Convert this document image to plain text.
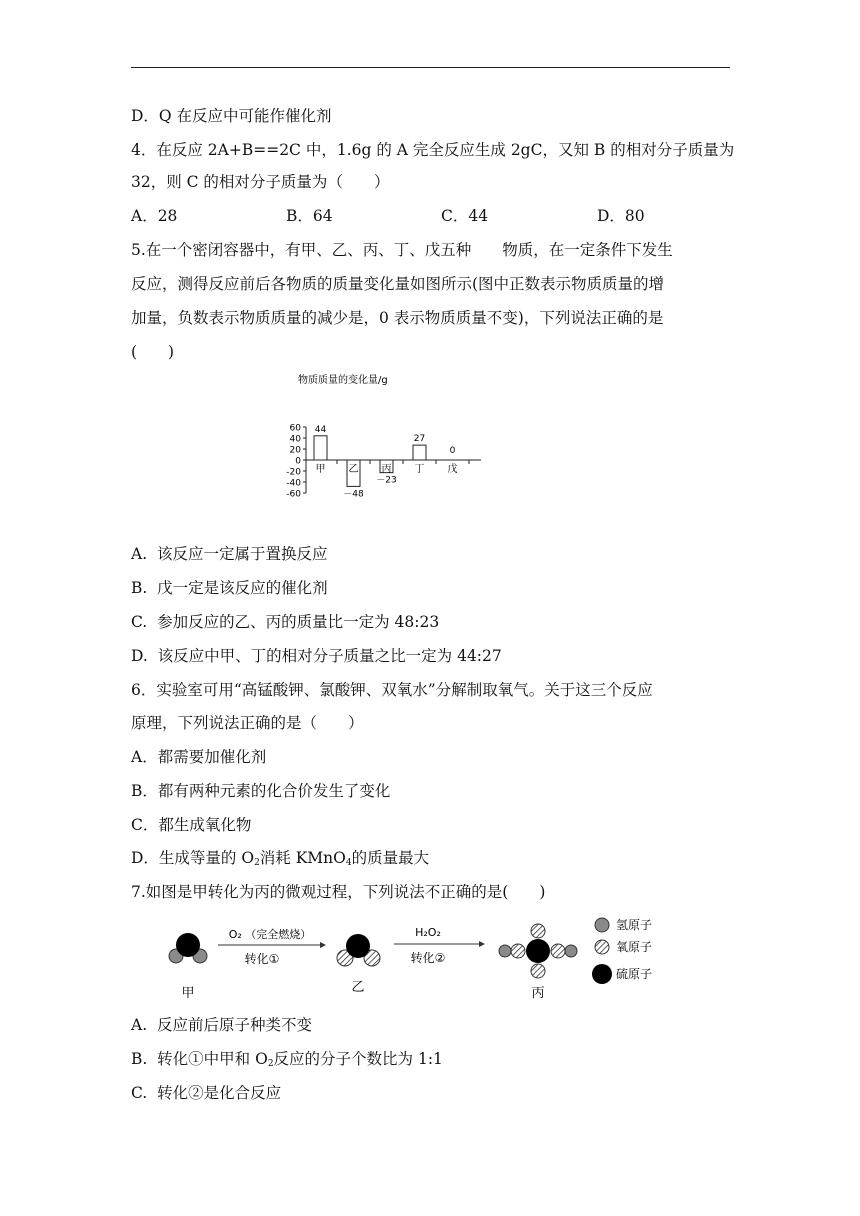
D．Q 在反应中可能作催化剂
4．在反应 2A+B==2C 中，1.6g 的 A 完全反应生成 2gC，又知 B 的相对分子质量为
32，则 C 的相对分子质量为（　　）
A．28	B．64	C．44	D．80
5.在一个密闭容器中，有甲、乙、丙、丁、戊五种　　物质，在一定条件下发生
反应，测得反应前后各物质的质量变化量如图所示(图中正数表示物质质量的增
加量，负数表示物质质量的减少是，0 表示物质质量不变)，下列说法正确的是
(　　)
物质质量的变化量/g
60
40
20
0
-20
-40
-60
甲 乙 丙 丁 戊
44
－48
－23
27
0
A.  该反应一定属于置换反应
B.  戊一定是该反应的催化剂
C.  参加反应的乙、丙的质量比一定为 48:23
D.  该反应中甲、丁的相对分子质量之比一定为 44:27
6．实验室可用“高锰酸钾、氯酸钾、双氧水”分解制取氧气。关于这三个反应
原理，下列说法正确的是（　　）
A．都需要加催化剂
B．都有两种元素的化合价发生了变化
C．都生成氧化物
D．生成等量的 $O_2$消耗 KMnO$_4$的质量最大
7.如图是甲转化为丙的微观过程，下列说法不正确的是(　　)
甲
O₂ （完全燃烧）
转化①
乙
H₂O₂
转化②
丙
氢原子
氧原子
硫原子
A.  反应前后原子种类不变
B.  转化①中甲和 $O_2$反应的分子个数比为 1:1
C.  转化②是化合反应
